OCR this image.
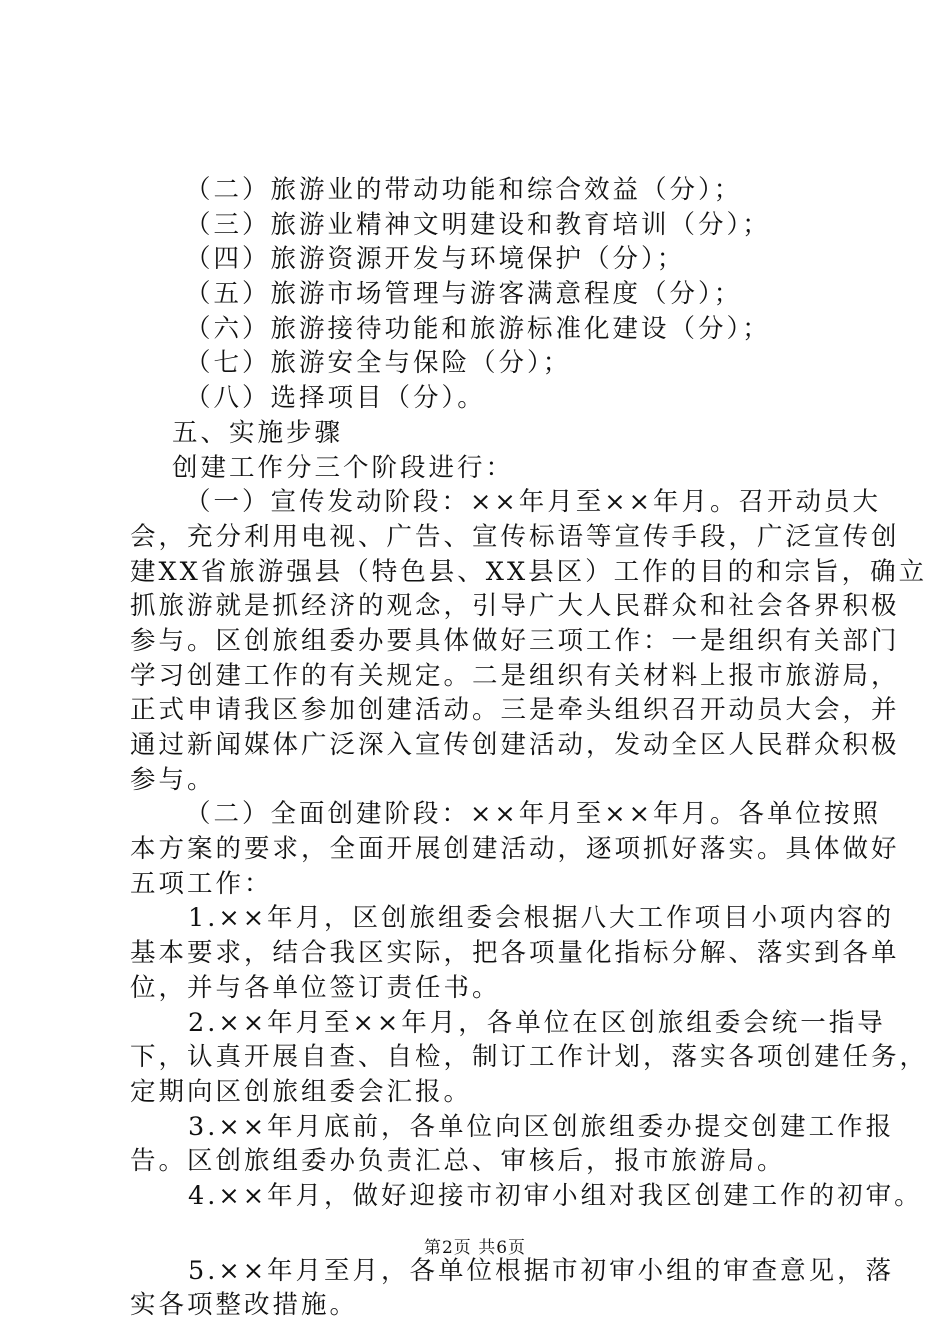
（二）旅游业的带动功能和综合效益（分）；
（三）旅游业精神文明建设和教育培训（分）；
（四）旅游资源开发与环境保护（分）；
（五）旅游市场管理与游客满意程度（分）；
（六）旅游接待功能和旅游标准化建设（分）；
（七）旅游安全与保险（分）；
（八）选择项目（分）。
五、实施步骤
创建工作分三个阶段进行：
（一）宣传发动阶段：××年月至××年月。召开动员大
会，充分利用电视、广告、宣传标语等宣传手段，广泛宣传创
建XX省旅游强县（特色县、XX县区）工作的目的和宗旨，确立
抓旅游就是抓经济的观念，引导广大人民群众和社会各界积极
参与。区创旅组委办要具体做好三项工作：一是组织有关部门
学习创建工作的有关规定。二是组织有关材料上报市旅游局，
正式申请我区参加创建活动。三是牵头组织召开动员大会，并
通过新闻媒体广泛深入宣传创建活动，发动全区人民群众积极
参与。
（二）全面创建阶段：××年月至××年月。各单位按照
本方案的要求，全面开展创建活动，逐项抓好落实。具体做好
五项工作：
1.××年月，区创旅组委会根据八大工作项目小项内容的
基本要求，结合我区实际，把各项量化指标分解、落实到各单
位，并与各单位签订责任书。
2.××年月至××年月，各单位在区创旅组委会统一指导
下，认真开展自查、自检，制订工作计划，落实各项创建任务，
定期向区创旅组委会汇报。
3.××年月底前，各单位向区创旅组委办提交创建工作报
告。区创旅组委办负责汇总、审核后，报市旅游局。
4.××年月，做好迎接市初审小组对我区创建工作的初审。
5.××年月至月，各单位根据市初审小组的审查意见，落
实各项整改措施。
第2页 共6页
